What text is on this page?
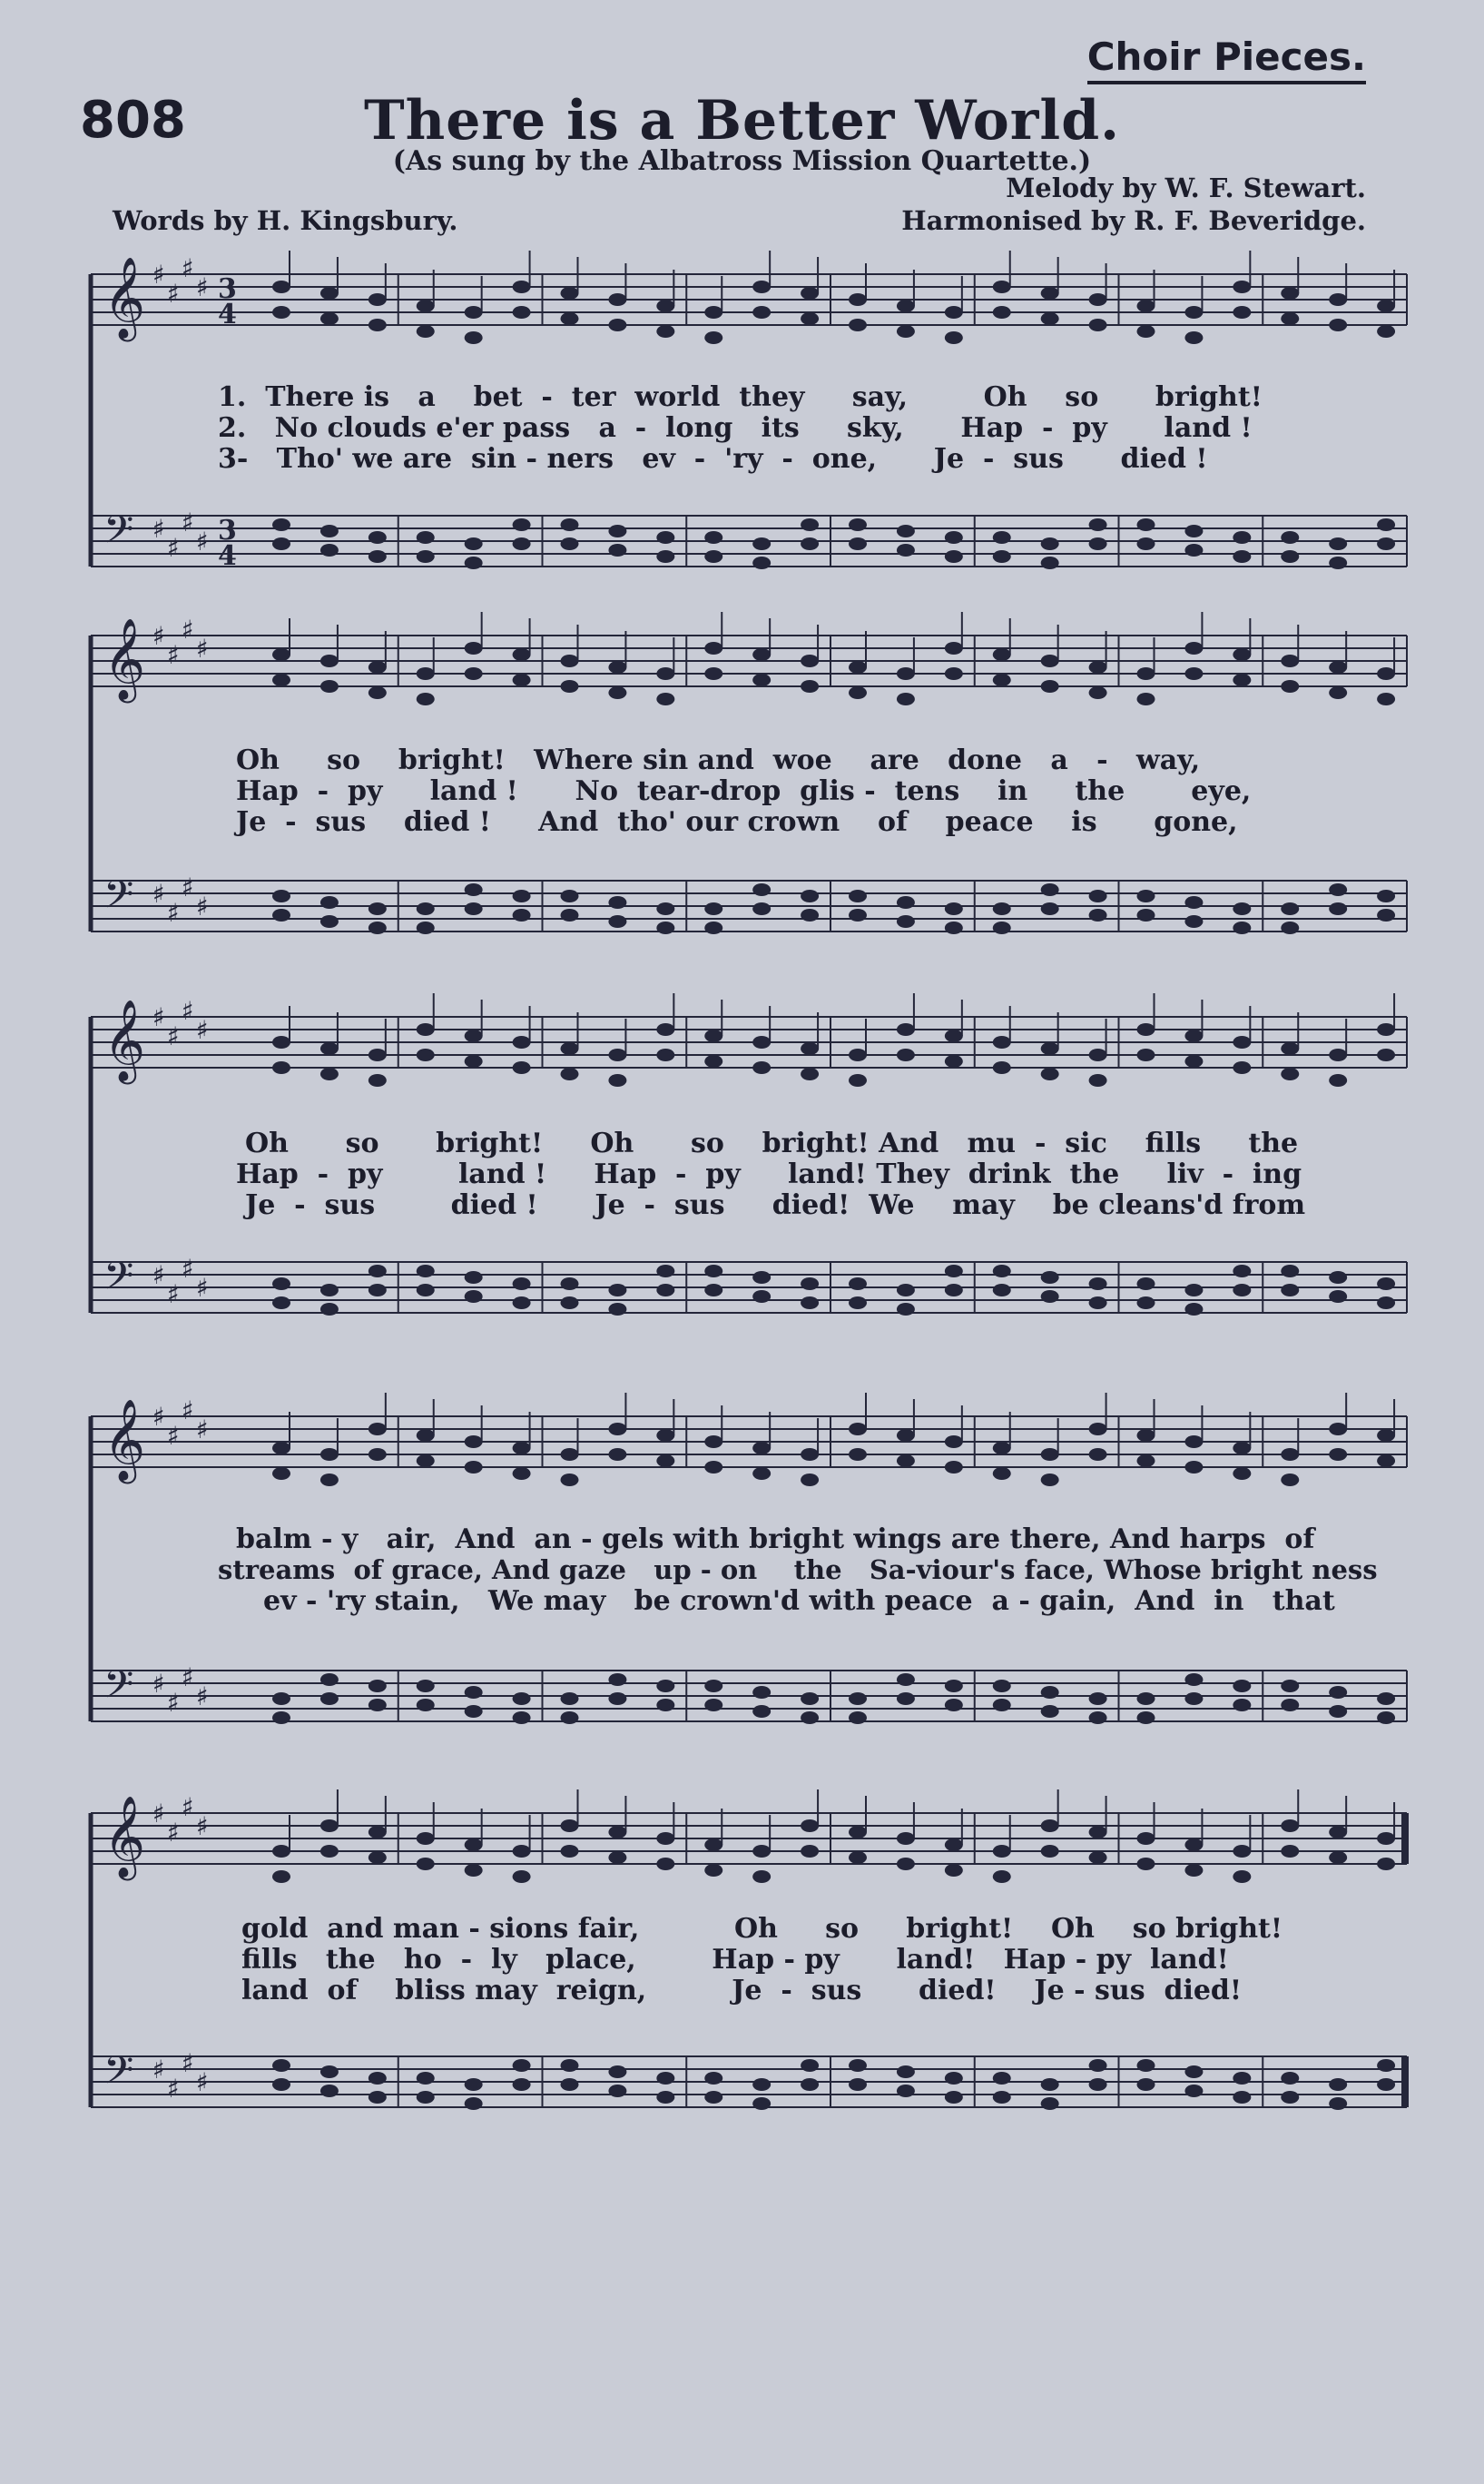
Choir Pieces.
808	There is a Better World.
(As sung by the Albatross Mission Quartette.)
Melody by W. F. Stewart.
Words by H. Kingsbury.	Harmonised by R. F. Beveridge.
𝄞 ♯
♯
♯
♯ 3
4
𝄢 ♯
♯
♯
♯ 3
4
1.  There is   a    bet  -  ter  world  they     say,        Oh    so      bright!
2.   No clouds e'er pass   a  -  long   its     sky,      Hap  -  py      land !
3-   Tho' we are  sin - ners   ev  -  'ry  -  one,      Je  -  sus      died !
𝄞 ♯
♯
♯
♯
𝄢 ♯
♯
♯
♯
Oh     so    bright!   Where sin and  woe    are   done   a   -   way,
Hap  -  py     land !      No  tear-drop  glis -  tens    in     the       eye,
Je  -  sus    died !     And  tho' our crown    of    peace    is      gone,
𝄞 ♯
♯
♯
♯
𝄢 ♯
♯
♯
♯
Oh      so      bright!     Oh      so    bright! And   mu  -  sic    fills     the
Hap  -  py        land !     Hap  -  py     land! They  drink  the     liv  -  ing
Je  -  sus        died !      Je  -  sus     died!  We    may    be cleans'd from
𝄞 ♯
♯
♯
♯
𝄢 ♯
♯
♯
♯
balm - y   air,  And  an - gels with bright wings are there, And harps  of
streams  of grace, And gaze   up - on    the   Sa-viour's face, Whose bright ness
ev - 'ry stain,   We may   be crown'd with peace  a - gain,  And  in   that
𝄞 ♯
♯
♯
♯
𝄢 ♯
♯
♯
♯
gold  and man - sions fair,          Oh     so     bright!    Oh    so bright!
fills   the   ho  -  ly   place,        Hap - py      land!   Hap - py  land!
land  of    bliss may  reign,         Je  -  sus      died!    Je - sus  died!
